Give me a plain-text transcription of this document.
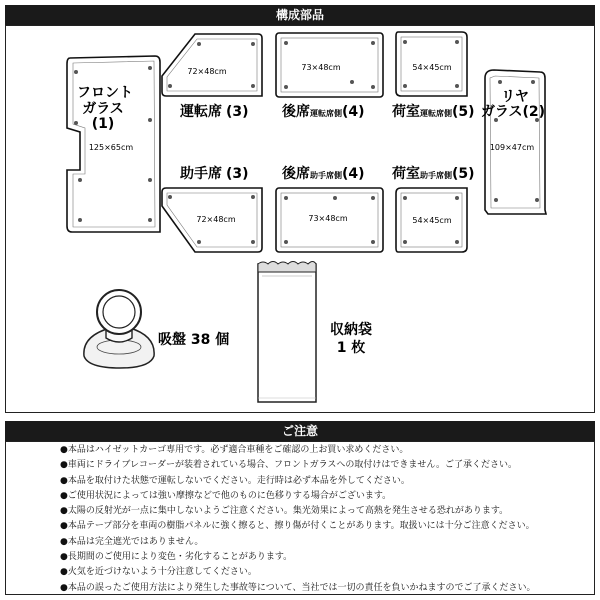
構成部品
フロント
ガラス
(1)
125×65cm
72×48cm
運転席 (3)
73×48cm
後席運転席側(4)
54×45cm
荷室運転席側(5)
リヤ
ガラス(2)
109×47cm
助手席 (3)
72×48cm
後席助手席側(4)
73×48cm
荷室助手席側(5)
54×45cm
吸盤 38 個
収納袋
1 枚
ご注意
●本品はハイゼットカーゴ専用です。必ず適合車種をご確認の上お買い求めください。
●車両にドライブレコーダーが装着されている場合、フロントガラスへの取付けはできません。ご了承ください。
●本品を取付けた状態で運転しないでください。走行時は必ず本品を外してください。
●ご使用状況によっては強い摩擦などで他のものに色移りする場合がございます。
●太陽の反射光が一点に集中しないようご注意ください。集光効果によって高熱を発生させる恐れがあります。
●本品テープ部分を車両の樹脂パネルに強く擦ると、擦り傷が付くことがあります。取扱いには十分ご注意ください。
●本品は完全遮光ではありません。
●長期間のご使用により変色・劣化することがあります。
●火気を近づけないよう十分注意してください。
●本品の誤ったご使用方法により発生した事故等について、当社では一切の責任を負いかねますのでご了承ください。
